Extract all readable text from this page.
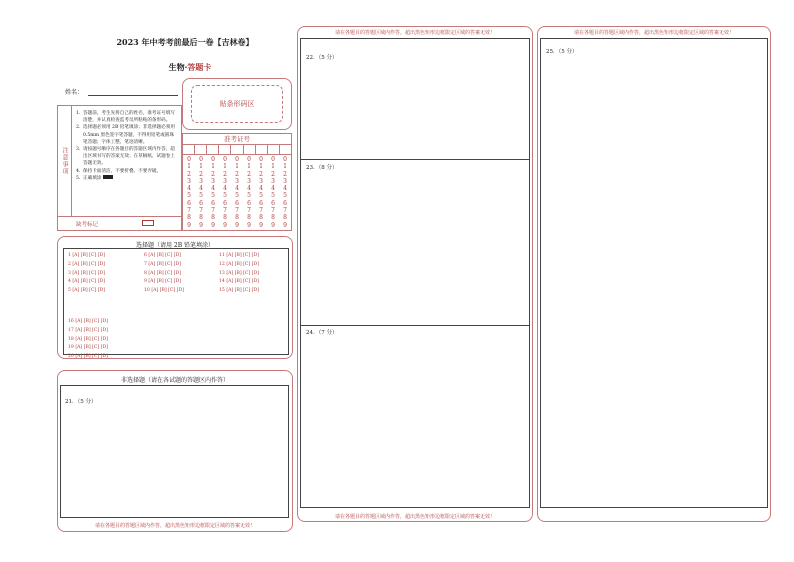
2023 年中考考前最后一卷【吉林卷】
生物·答题卡
姓名：
贴条形码区
注意事项
1. 答题前，考生先将自己的姓名，准考证号填写清楚，并认真检查监考员所粘贴的条形码。
2. 选择题必须用 2B 铅笔填涂；非选择题必须用 0.5mm 黑色签字笔答题，不得用铅笔或圆珠笔答题；字体工整、笔迹清晰。
3. 请按题号顺序在各题目的答题区域内作答，超出区域书写的答案无效；在草稿纸、试题卷上答题无效。
4. 保持卡面清洁，不要折叠、不要弄破。
5. 正确填涂
缺考标记
准考证号
0
1
2
3
4
5
6
7
8
9
0
1
2
3
4
5
6
7
8
9
0
1
2
3
4
5
6
7
8
9
0
1
2
3
4
5
6
7
8
9
0
1
2
3
4
5
6
7
8
9
0
1
2
3
4
5
6
7
8
9
0
1
2
3
4
5
6
7
8
9
0
1
2
3
4
5
6
7
8
9
0
1
2
3
4
5
6
7
8
9
选择题（请用 2B 铅笔填涂）
1 [A] [B] [C] [D]
2 [A] [B] [C] [D]
3 [A] [B] [C] [D]
4 [A] [B] [C] [D]
5 [A] [B] [C] [D]
6 [A] [B] [C] [D]
7 [A] [B] [C] [D]
8 [A] [B] [C] [D]
9 [A] [B] [C] [D]
10 [A] [B] [C] [D]
11 [A] [B] [C] [D]
12 [A] [B] [C] [D]
13 [A] [B] [C] [D]
14 [A] [B] [C] [D]
15 [A] [B] [C] [D]
16 [A] [B] [C] [D]
17 [A] [B] [C] [D]
18 [A] [B] [C] [D]
19 [A] [B] [C] [D]
20 [A] [B] [C] [D]
非选择题（请在各试题的答题区内作答）
请在各题目的答题区域内作答，超出黑色矩形边框限定区域的答案无效！
21．（5 分）
请在各题目的答题区域内作答，超出黑色矩形边框限定区域的答案无效！
请在各题目的答题区域内作答，超出黑色矩形边框限定区域的答案无效！
22．（5 分）
23．（8 分）
24．（7 分）
请在各题目的答题区域内作答，超出黑色矩形边框限定区域的答案无效！
25．（5 分）
